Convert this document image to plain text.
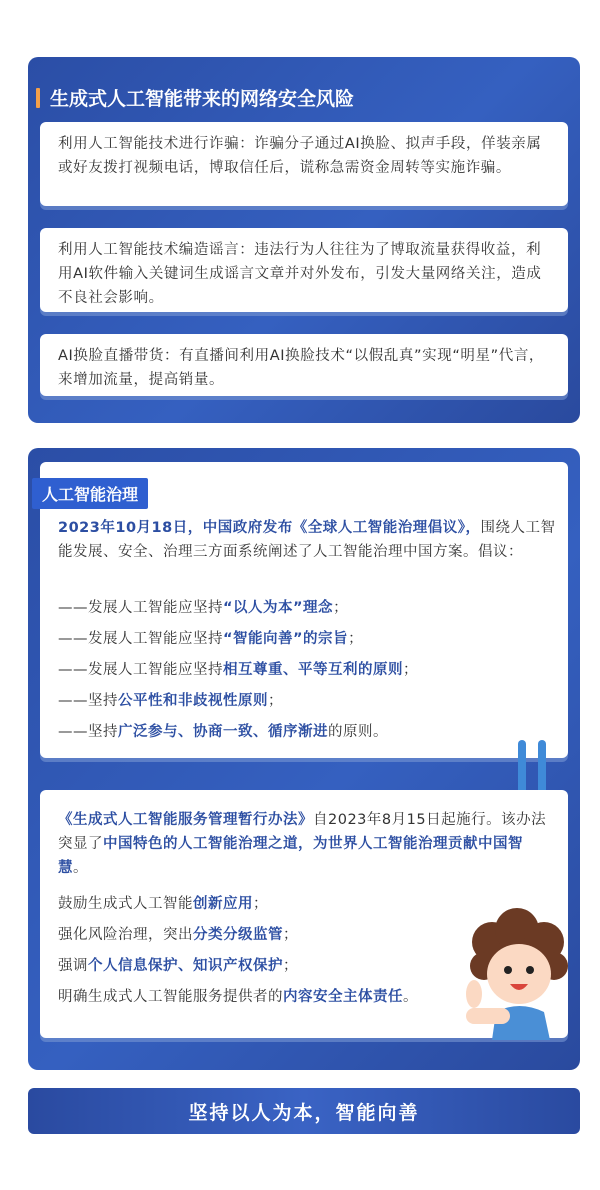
生成式人工智能带来的网络安全风险

利用人工智能技术进行诈骗：诈骗分子通过AI换脸、拟声手段，佯装亲属或好友拨打视频电话，博取信任后，谎称急需资金周转等实施诈骗。

利用人工智能技术编造谣言：违法行为人往往为了博取流量获得收益，利用AI软件输入关键词生成谣言文章并对外发布，引发大量网络关注，造成不良社会影响。

AI换脸直播带货：有直播间利用AI换脸技术“以假乱真”实现“明星”代言，来增加流量，提高销量。

人工智能治理

2023年10月18日，中国政府发布《全球人工智能治理倡议》，围绕人工智能发展、安全、治理三方面系统阐述了人工智能治理中国方案。倡议：

——发展人工智能应坚持“以人为本”理念；
——发展人工智能应坚持“智能向善”的宗旨；
——发展人工智能应坚持相互尊重、平等互利的原则；
——坚持公平性和非歧视性原则；
——坚持广泛参与、协商一致、循序渐进的原则。

《生成式人工智能服务管理暂行办法》自2023年8月15日起施行。该办法突显了中国特色的人工智能治理之道，为世界人工智能治理贡献中国智慧。

鼓励生成式人工智能创新应用；
强化风险治理，突出分类分级监管；
强调个人信息保护、知识产权保护；
明确生成式人工智能服务提供者的内容安全主体责任。
坚持以人为本，智能向善
